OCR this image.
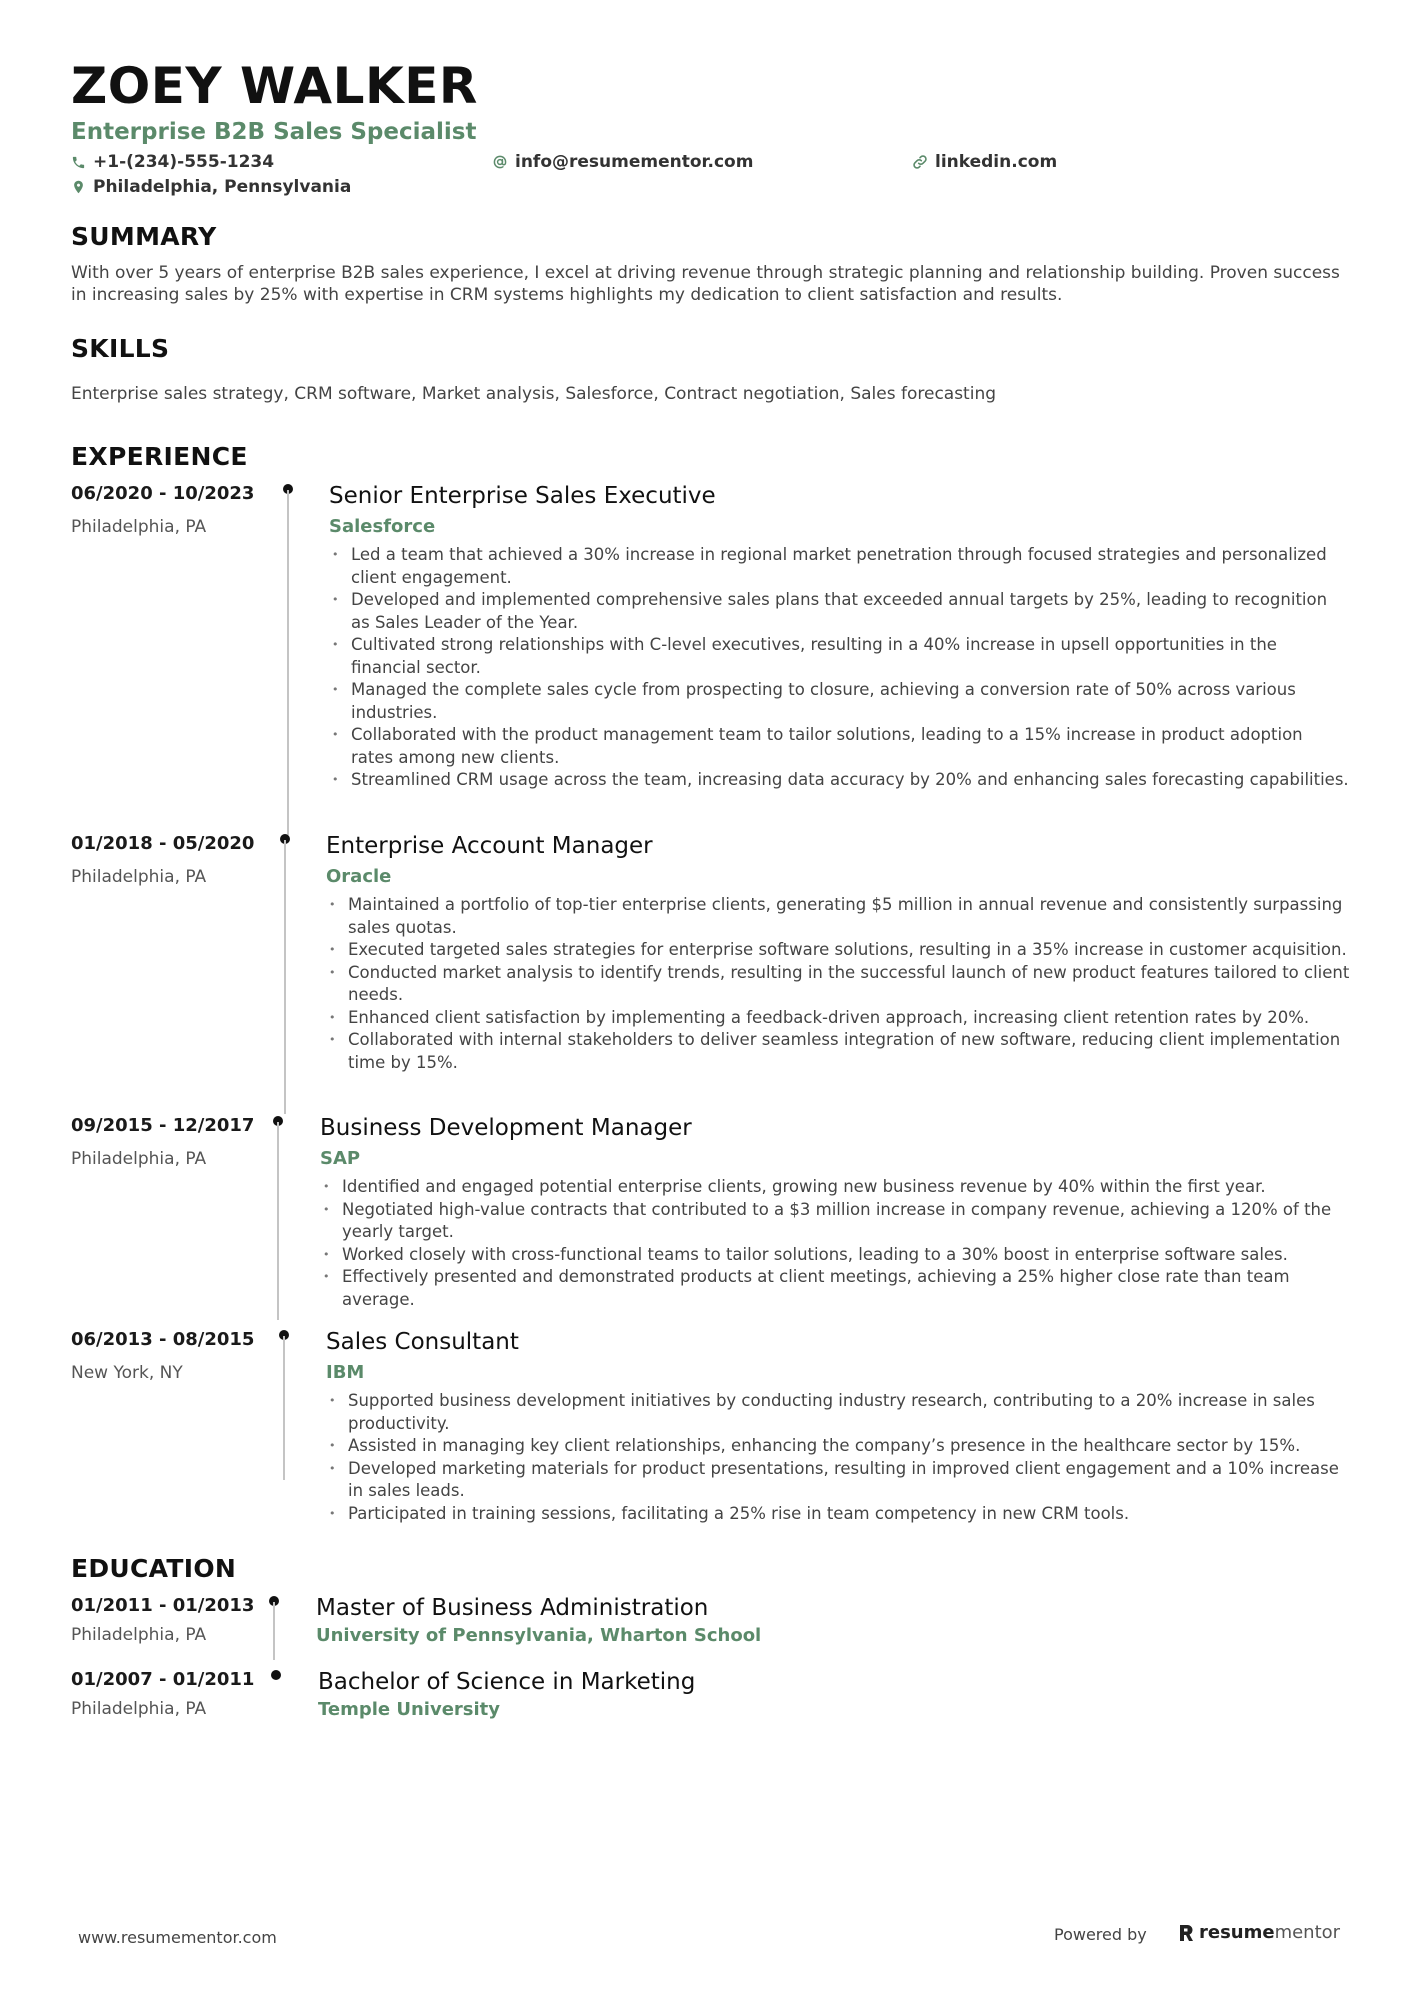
ZOEY WALKER
Enterprise B2B Sales Specialist
+1-(234)-555-1234	info@resumementor.com	linkedin.com
Philadelphia, Pennsylvania
SUMMARY
With over 5 years of enterprise B2B sales experience, I excel at driving revenue through strategic planning and relationship building. Proven success in increasing sales by 25% with expertise in CRM systems highlights my dedication to client satisfaction and results.
SKILLS
Enterprise sales strategy, CRM software, Market analysis, Salesforce, Contract negotiation, Sales forecasting
EXPERIENCE
06/2020 - 10/2023
Philadelphia, PA
Senior Enterprise Sales Executive
Salesforce
• Led a team that achieved a 30% increase in regional market penetration through focused strategies and personalized client engagement.
• Developed and implemented comprehensive sales plans that exceeded annual targets by 25%, leading to recognition as Sales Leader of the Year.
• Cultivated strong relationships with C-level executives, resulting in a 40% increase in upsell opportunities in the financial sector.
• Managed the complete sales cycle from prospecting to closure, achieving a conversion rate of 50% across various industries.
• Collaborated with the product management team to tailor solutions, leading to a 15% increase in product adoption rates among new clients.
• Streamlined CRM usage across the team, increasing data accuracy by 20% and enhancing sales forecasting capabilities.
01/2018 - 05/2020
Philadelphia, PA
Enterprise Account Manager
Oracle
• Maintained a portfolio of top-tier enterprise clients, generating $5 million in annual revenue and consistently surpassing sales quotas.
• Executed targeted sales strategies for enterprise software solutions, resulting in a 35% increase in customer acquisition.
• Conducted market analysis to identify trends, resulting in the successful launch of new product features tailored to client needs.
• Enhanced client satisfaction by implementing a feedback-driven approach, increasing client retention rates by 20%.
• Collaborated with internal stakeholders to deliver seamless integration of new software, reducing client implementation time by 15%.
09/2015 - 12/2017
Philadelphia, PA
Business Development Manager
SAP
• Identified and engaged potential enterprise clients, growing new business revenue by 40% within the first year.
• Negotiated high-value contracts that contributed to a $3 million increase in company revenue, achieving a 120% of the yearly target.
• Worked closely with cross-functional teams to tailor solutions, leading to a 30% boost in enterprise software sales.
• Effectively presented and demonstrated products at client meetings, achieving a 25% higher close rate than team average.
06/2013 - 08/2015
New York, NY
Sales Consultant
IBM
• Supported business development initiatives by conducting industry research, contributing to a 20% increase in sales productivity.
• Assisted in managing key client relationships, enhancing the company’s presence in the healthcare sector by 15%.
• Developed marketing materials for product presentations, resulting in improved client engagement and a 10% increase in sales leads.
• Participated in training sessions, facilitating a 25% rise in team competency in new CRM tools.
EDUCATION
01/2011 - 01/2013
Philadelphia, PA
Master of Business Administration
University of Pennsylvania, Wharton School
01/2007 - 01/2011
Philadelphia, PA
Bachelor of Science in Marketing
Temple University
www.resumementor.com	Powered by	resumementor
